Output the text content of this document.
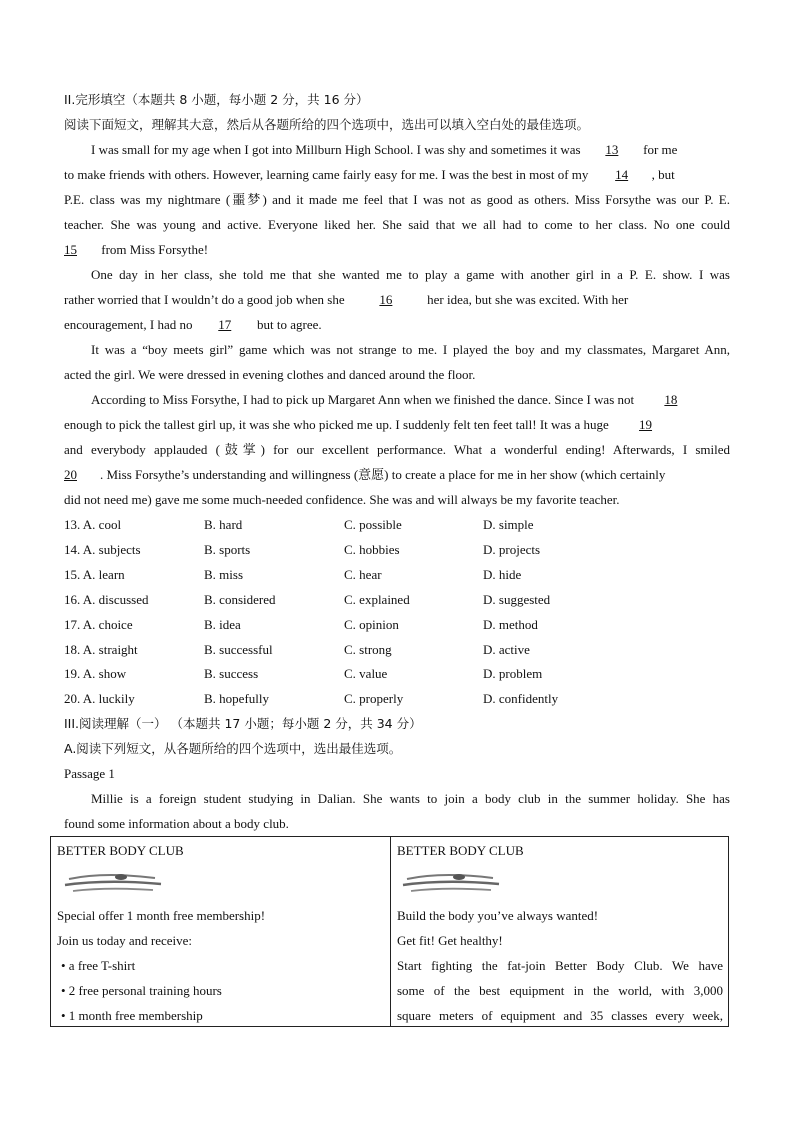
II.完形填空（本题共 8 小题，每小题 2 分，共 16 分）
阅读下面短文，理解其大意，然后从各题所给的四个选项中，选出可以填入空白处的最佳选项。
I was small for my age when I got into Millburn High School. I was shy and sometimes it was 13 for me
to make friends with others. However, learning came fairly easy for me. I was the best in most of my 14 , but
P.E. class was my nightmare (噩梦) and it made me feel that I was not as good as others. Miss Forsythe was our P. E.
teacher. She was young and active. Everyone liked her. She said that we all had to come to her class. No one could
15 from Miss Forsythe!
One day in her class, she told me that she wanted me to play a game with another girl in a P. E. show. I was
rather worried that I wouldn’t do a good job when she 16 her idea, but she was excited. With her
encouragement, I had no 17 but to agree.
It was a “boy meets girl” game which was not strange to me. I played the boy and my classmates, Margaret Ann,
acted the girl. We were dressed in evening clothes and danced around the floor.
According to Miss Forsythe, I had to pick up Margaret Ann when we finished the dance. Since I was not 18
enough to pick the tallest girl up, it was she who picked me up. I suddenly felt ten feet tall! It was a huge 19
and everybody applauded (鼓掌) for our excellent performance. What a wonderful ending! Afterwards, I smiled
20 . Miss Forsythe’s understanding and willingness (意愿) to create a place for me in her show (which certainly
did not need me) gave me some much-needed confidence. She was and will always be my favorite teacher.
13. A. cool	B. hard	C. possible	D. simple
14. A. subjects	B. sports	C. hobbies	D. projects
15. A. learn	B. miss	C. hear	D. hide
16. A. discussed	B. considered	C. explained	D. suggested
17. A. choice	B. idea	C. opinion	D. method
18. A. straight	B. successful	C. strong	D. active
19. A. show	B. success	C. value	D. problem
20. A. luckily	B. hopefully	C. properly	D. confidently
III.阅读理解（一） （本题共 17 小题；每小题 2 分，共 34 分）
A.阅读下列短文，从各题所给的四个选项中，选出最佳选项。
Passage 1
Millie is a foreign student studying in Dalian. She wants to join a body club in the summer holiday. She has
found some information about a body club.
BETTER BODY CLUB
Special offer 1 month free membership!
Join us today and receive:
• a free T-shirt
• 2 free personal training hours
• 1 month free membership
BETTER BODY CLUB
Build the body you’ve always wanted!
Get fit! Get healthy!
Start fighting the fat-join Better Body Club. We have
some of the best equipment in the world, with 3,000
square meters of equipment and 35 classes every week,
